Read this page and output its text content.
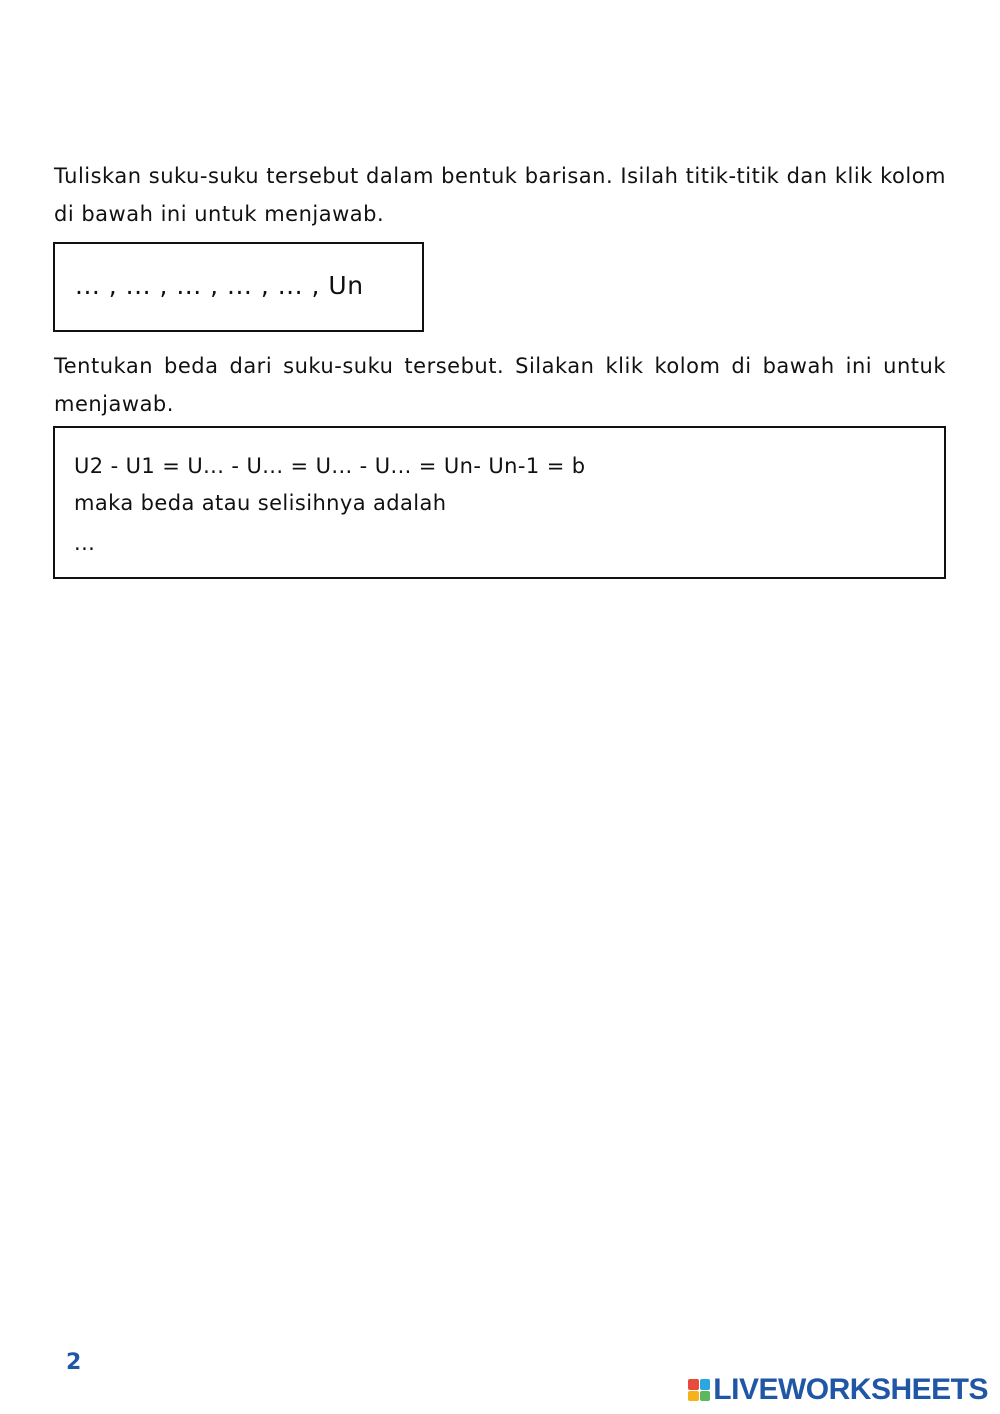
Tuliskan suku-suku tersebut dalam bentuk barisan. Isilah titik-titik dan klik kolom di bawah ini untuk menjawab.

... , ... , ... , ... , ... , Un

Tentukan beda dari suku-suku tersebut. Silakan klik kolom di bawah ini untuk menjawab.

U2 - U1 = U... - U... = U... - U... = Un- Un-1 = b
maka beda atau selisihnya adalah
...
2
LIVEWORKSHEETS
